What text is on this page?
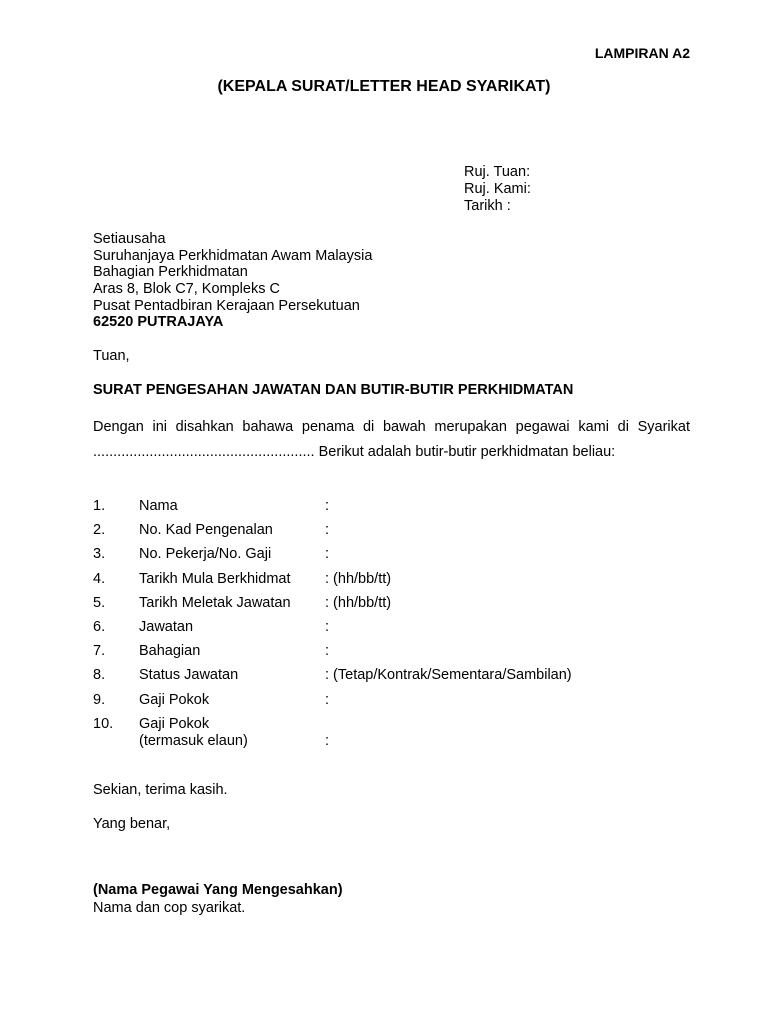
LAMPIRAN A2
(KEPALA SURAT/LETTER HEAD SYARIKAT)
Ruj. Tuan:
Ruj. Kami:
Tarikh :
Setiausaha
Suruhanjaya Perkhidmatan Awam Malaysia
Bahagian Perkhidmatan
Aras 8, Blok C7, Kompleks C
Pusat Pentadbiran Kerajaan Persekutuan
62520 PUTRAJAYA
Tuan,
SURAT PENGESAHAN JAWATAN DAN BUTIR-BUTIR PERKHIDMATAN
Dengan ini disahkan bahawa penama di bawah merupakan pegawai kami di Syarikat ....................................................... Berikut adalah butir-butir perkhidmatan beliau:
1. Nama	:
2. No. Kad Pengenalan	:
3. No. Pekerja/No. Gaji	:
4. Tarikh Mula Berkhidmat : (hh/bb/tt)
5. Tarikh Meletak Jawatan : (hh/bb/tt)
6. Jawatan	:
7. Bahagian	:
8. Status Jawatan	: (Tetap/Kontrak/Sementara/Sambilan)
9. Gaji Pokok	:
10. Gaji Pokok
(termasuk elaun)	:
Sekian, terima kasih.
Yang benar,
(Nama Pegawai Yang Mengesahkan)
Nama dan cop syarikat.
